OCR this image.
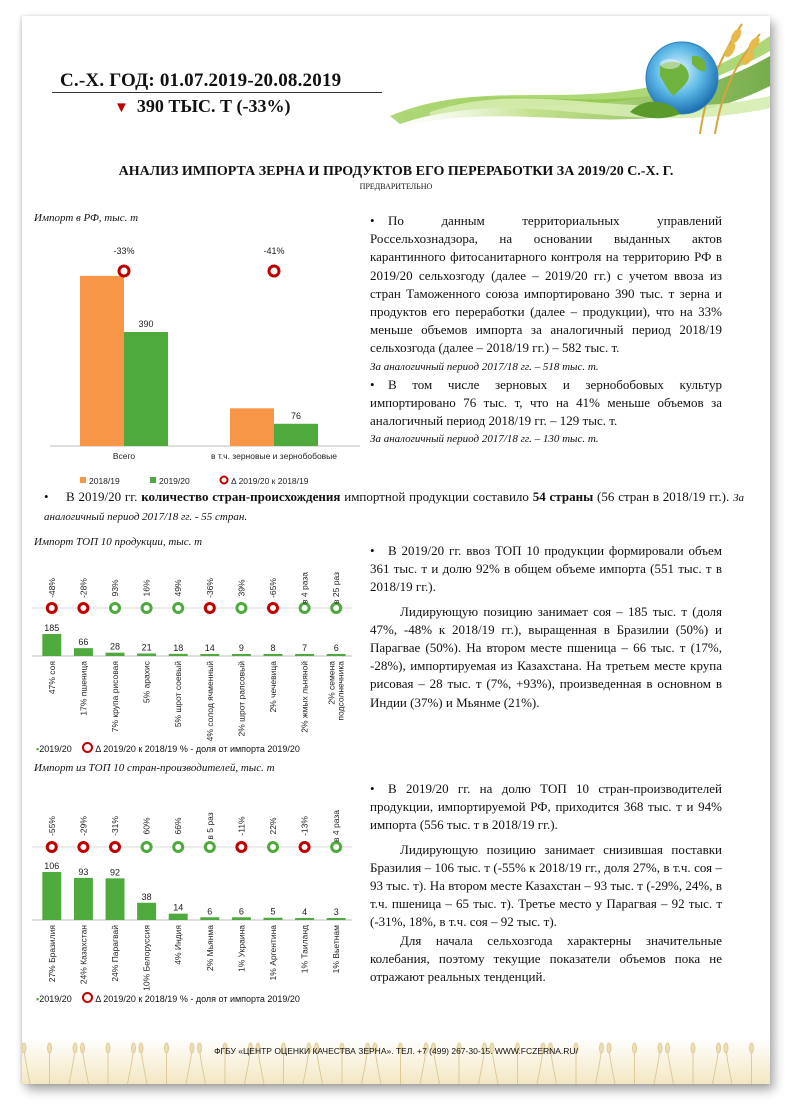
С.-Х. ГОД: 01.07.2019-20.08.2019
▼ 390 ТЫС. Т (-33%)
АНАЛИЗ ИМПОРТА ЗЕРНА И ПРОДУКТОВ ЕГО ПЕРЕРАБОТКИ ЗА 2019/20 С.-Х. Г.
ПРЕДВАРИТЕЛЬНО
Импорт в РФ, тыс. т
390
-33%
Всего
76
-41%
в т.ч. зерновые и зернобобовые
2018/19	2019/20	Δ 2019/20 к 2018/19

• По данным территориальных управлений Россельхознадзора, на основании выданных актов карантинного фитосанитарного контроля на территорию РФ в 2019/20 сельхозгоду (далее – 2019/20 гг.) с учетом ввоза из стран Таможенного союза импортировано 390 тыс. т зерна и продуктов его переработки (далее – продукции), что на 33% меньше объемов импорта за аналогичный период 2018/19 сельхозгода (далее – 2018/19 гг.) – 582 тыс. т.

За аналогичный период 2017/18 гг. – 518 тыс. т.

• В том числе зерновых и зернобобовых культур импортировано 76 тыс. т, что на 41% меньше объемов за аналогичный период 2018/19 гг. – 129 тыс. т.

За аналогичный период 2017/18 гг. – 130 тыс. т.

• В 2019/20 гг. количество стран-происхождения импортной продукции составило 54 страны (56 стран в 2018/19 гг.). За аналогичный период 2017/18 гг. - 55 стран.

Импорт ТОП 10 продукции, тыс. т
185
-48%
47% соя
66
-28%
17% пшеница
28
93%
7% крупа рисовая
21
16%
5% арахис
18
49%
5% шрот соевый
14
-36%
4% солод ячменный
9
39%
2% шрот рапсовый
8
-65%
2% чечевица
7
в 4 раза
2% жмых льняной
6
в 25 раз
2% семена подсолнечника
▪2019/20	Δ 2019/20 к 2018/19 % - доля от импорта 2019/20

• В 2019/20 гг. ввоз ТОП 10 продукции формировали объем 361 тыс. т и долю 92% в общем объеме импорта (551 тыс. т в 2018/19 гг.).

Лидирующую позицию занимает соя – 185 тыс. т (доля 47%, -48% к 2018/19 гг.), выращенная в Бразилии (50%) и Парагвае (50%). На втором месте пшеница – 66 тыс. т (17%, -28%), импортируемая из Казахстана. На третьем месте крупа рисовая – 28 тыс. т (7%, +93%), произведенная в основном в Индии (37%) и Мьянме (21%).

Импорт из ТОП 10 стран-производителей, тыс. т
106
-55%
27% Бразилия
93
-29%
24% Казахстан
92
-31%
24% Парагвай
38
60%
10% Белоруссия
14
66%
4% Индия
6
в 5 раз
2% Мьянма
6
-11%
1% Украина
5
22%
1% Аргентина
4
-13%
1% Таиланд
3
в 4 раза
1% Вьетнам
▪2019/20	Δ 2019/20 к 2018/19 % - доля от импорта 2019/20

• В 2019/20 гг. на долю ТОП 10 стран-производителей продукции, импортируемой РФ, приходится 368 тыс. т и 94% импорта (556 тыс. т в 2018/19 гг.).

Лидирующую позицию занимает снизившая поставки Бразилия – 106 тыс. т (-55% к 2018/19 гг., доля 27%, в т.ч. соя – 93 тыс. т). На втором месте Казахстан – 93 тыс. т (-29%, 24%, в т.ч. пшеница – 65 тыс. т). Третье место у Парагвая – 92 тыс. т (-31%, 18%, в т.ч. соя – 92 тыс. т).

Для начала сельхозгода характерны значительные колебания, поэтому текущие показатели объемов пока не отражают реальных тенденций.

ФГБУ «ЦЕНТР ОЦЕНКИ КАЧЕСТВА ЗЕРНА». ТЕЛ. +7 (499) 267-30-15. WWW.FCZERNA.RU/
